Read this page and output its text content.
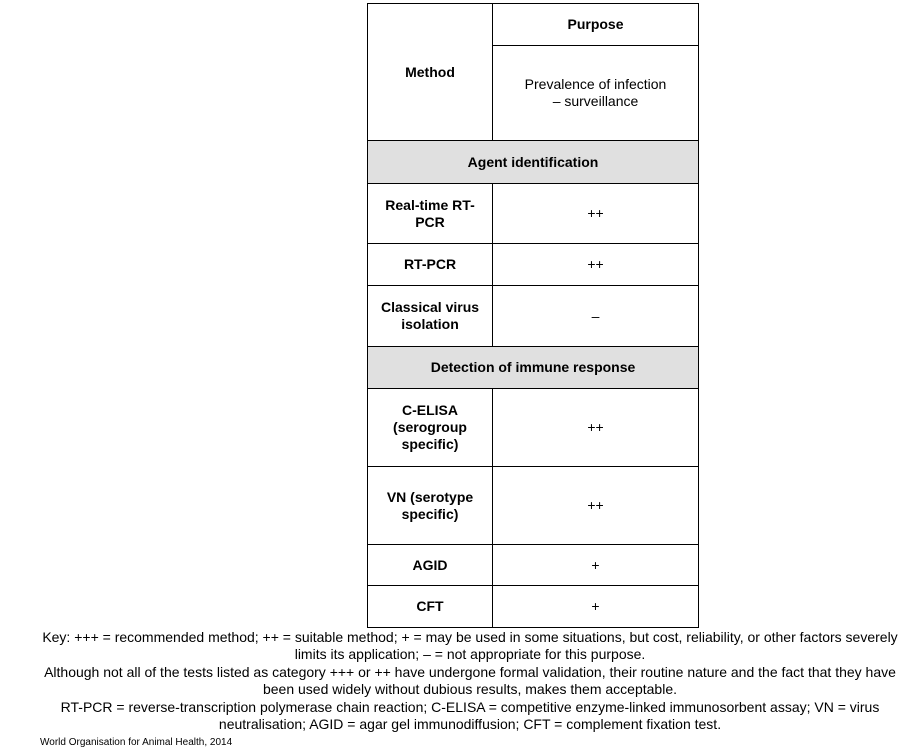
Method	Purpose
	Prevalence of infection – surveillance
Agent identification	
Real-time RT-PCR	++
RT-PCR	++
Classical virus isolation	–
Detection of immune response	
C-ELISA (serogroup specific)	++
VN (serotype specific)	++
AGID	+
CFT	+

Key: +++ = recommended method; ++ = suitable method; + = may be used in some situations, but cost, reliability, or other factors severely limits its application; – = not appropriate for this purpose.

Although not all of the tests listed as category +++ or ++ have undergone formal validation, their routine nature and the fact that they have been used widely without dubious results, makes them acceptable.

RT-PCR = reverse-transcription polymerase chain reaction; C-ELISA = competitive enzyme-linked immunosorbent assay; VN = virus neutralisation; AGID = agar gel immunodiffusion; CFT = complement fixation test.

World Organisation for Animal Health, 2014
